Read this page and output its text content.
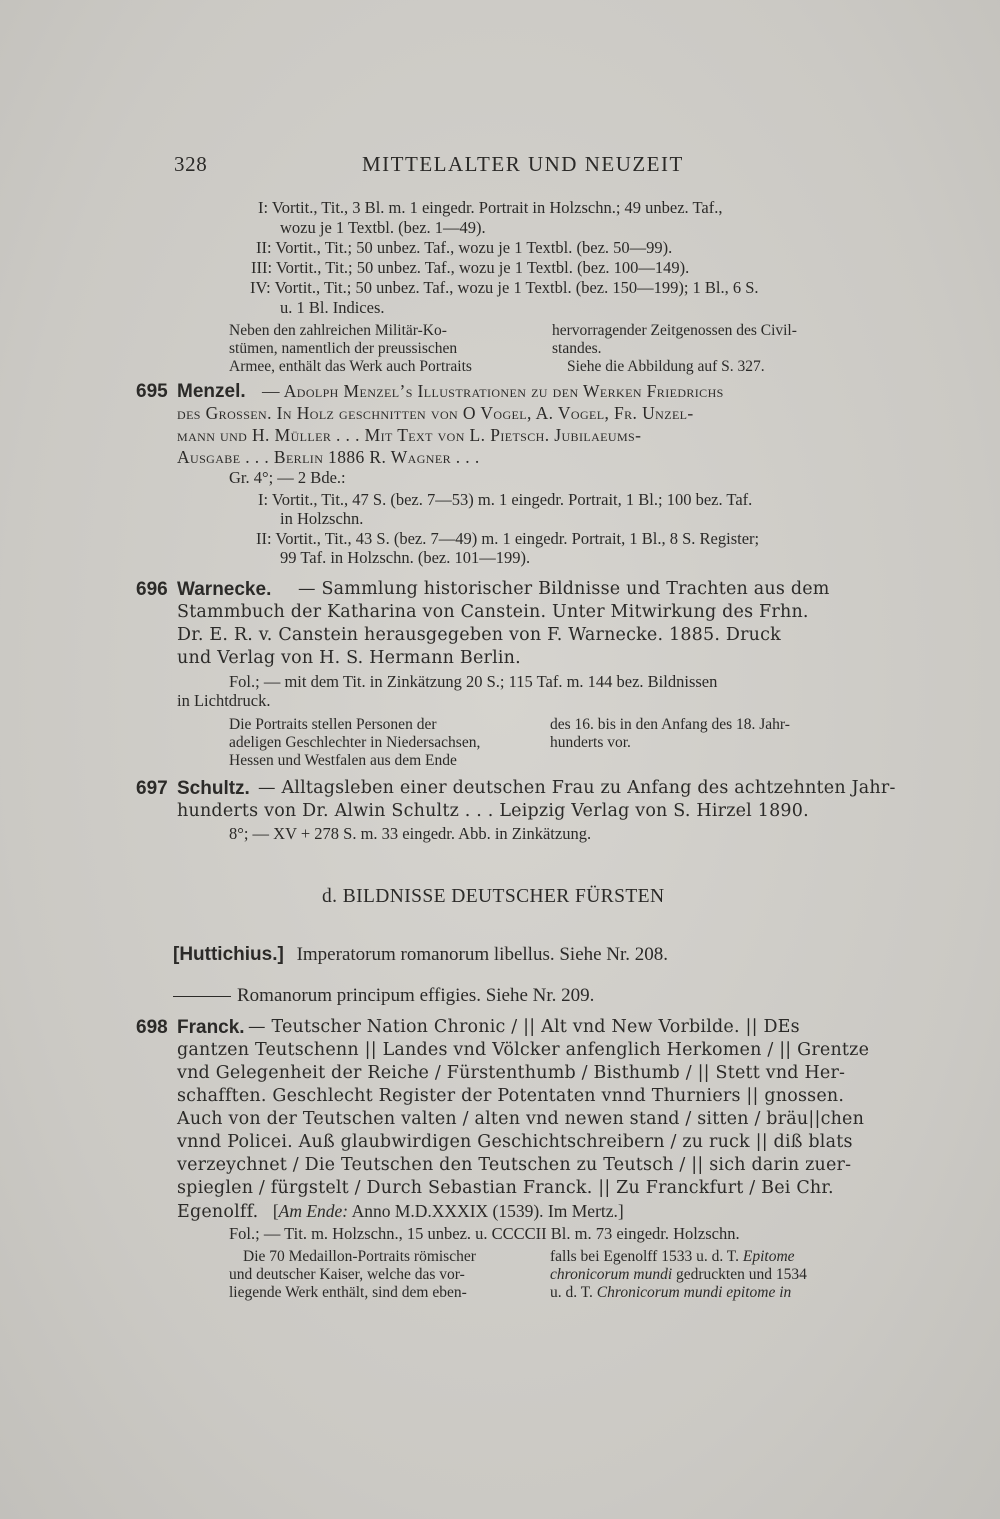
328	MITTELALTER UND NEUZEIT
I: Vortit., Tit., 3 Bl. m. 1 eingedr. Portrait in Holzschn.; 49 unbez. Taf.,
wozu je 1 Textbl. (bez. 1—49).
II: Vortit., Tit.; 50 unbez. Taf., wozu je 1 Textbl. (bez. 50—99).
III: Vortit., Tit.; 50 unbez. Taf., wozu je 1 Textbl. (bez. 100—149).
IV: Vortit., Tit.; 50 unbez. Taf., wozu je 1 Textbl. (bez. 150—199); 1 Bl., 6 S.
u. 1 Bl. Indices.
Neben den zahlreichen Militär-Ko-
stümen, namentlich der preussischen
Armee, enthält das Werk auch Portraits
hervorragender Zeitgenossen des Civil-
standes.
Siehe die Abbildung auf S. 327.
695 Menzel. — Adolph Menzel’s Illustrationen zu den Werken Friedrichs
des Grossen. In Holz geschnitten von O Vogel, A. Vogel, Fr. Unzel-
mann und H. Müller . . . Mit Text von L. Pietsch. Jubilaeums-
Ausgabe . . . Berlin 1886 R. Wagner . . .
Gr. 4°; — 2 Bde.:
I: Vortit., Tit., 47 S. (bez. 7—53) m. 1 eingedr. Portrait, 1 Bl.; 100 bez. Taf.
in Holzschn.
II: Vortit., Tit., 43 S. (bez. 7—49) m. 1 eingedr. Portrait, 1 Bl., 8 S. Register;
99 Taf. in Holzschn. (bez. 101—199).
696 Warnecke. — Sammlung historischer Bildnisse und Trachten aus dem
Stammbuch der Katharina von Canstein. Unter Mitwirkung des Frhn.
Dr. E. R. v. Canstein herausgegeben von F. Warnecke. 1885. Druck
und Verlag von H. S. Hermann Berlin.
Fol.; — mit dem Tit. in Zinkätzung 20 S.; 115 Taf. m. 144 bez. Bildnissen
in Lichtdruck.
Die Portraits stellen Personen der
adeligen Geschlechter in Niedersachsen,
Hessen und Westfalen aus dem Ende
des 16. bis in den Anfang des 18. Jahr-
hunderts vor.
697 Schultz. — Alltagsleben einer deutschen Frau zu Anfang des achtzehnten Jahr-
hunderts von Dr. Alwin Schultz . . . Leipzig Verlag von S. Hirzel 1890.
8°; — XV + 278 S. m. 33 eingedr. Abb. in Zinkätzung.
d. BILDNISSE DEUTSCHER FÜRSTEN
[Huttichius.] Imperatorum romanorum libellus. Siehe Nr. 208.
Romanorum principum effigies. Siehe Nr. 209.
698 Franck. — Teutscher Nation Chronic / || Alt vnd New Vorbilde. || DEs
gantzen Teutschenn || Landes vnd Völcker anfenglich Herkomen / || Grentze
vnd Gelegenheit der Reiche / Fürstenthumb / Bisthumb / || Stett vnd Her-
schafften. Geschlecht Register der Potentaten vnnd Thurniers || gnossen.
Auch von der Teutschen valten / alten vnd newen stand / sitten / bräu||chen
vnnd Policei. Auß glaubwirdigen Geschichtschreibern / zu ruck || diß blats
verzeychnet / Die Teutschen den Teutschen zu Teutsch / || sich darin zuer-
spieglen / fürgstelt / Durch Sebastian Franck. || Zu Franckfurt / Bei Chr.
Egenolff. [Am Ende: Anno M.D.XXXIX (1539). Im Mertz.]
Fol.; — Tit. m. Holzschn., 15 unbez. u. CCCCII Bl. m. 73 eingedr. Holzschn.
Die 70 Medaillon-Portraits römischer
und deutscher Kaiser, welche das vor-
liegende Werk enthält, sind dem eben-
falls bei Egenolff 1533 u. d. T. Epitome
chronicorum mundi gedruckten und 1534
u. d. T. Chronicorum mundi epitome in
